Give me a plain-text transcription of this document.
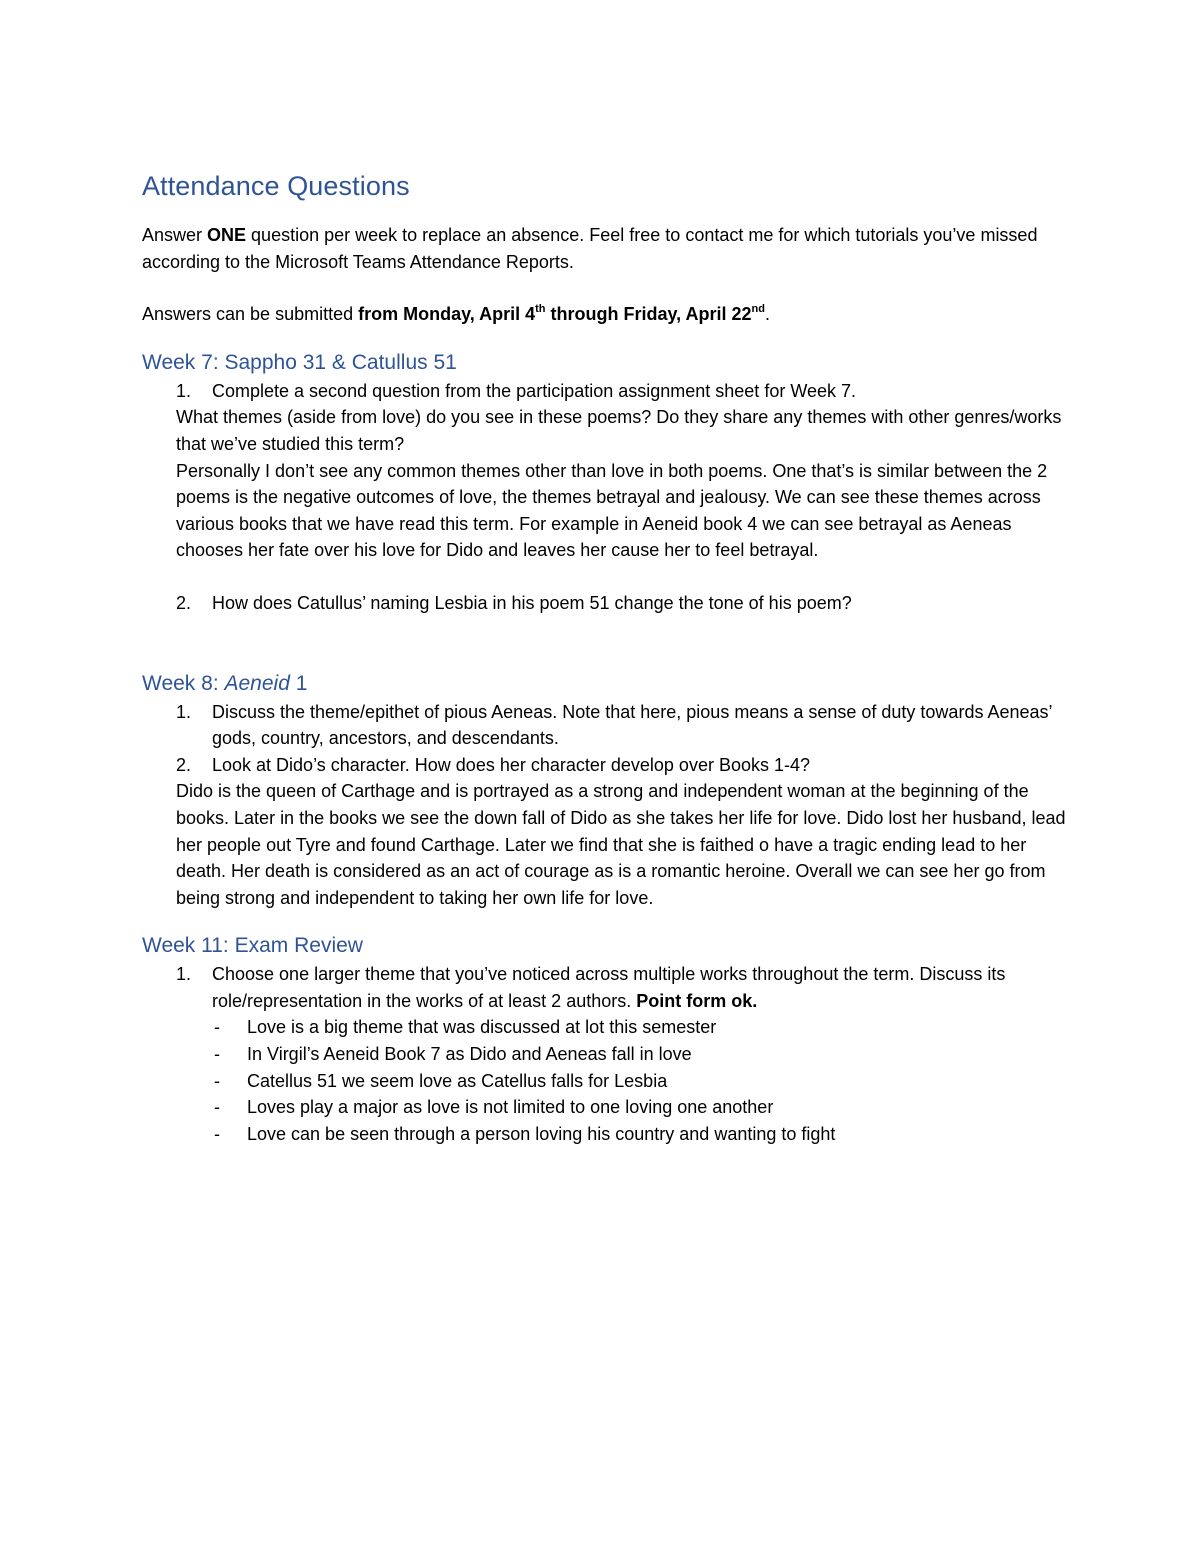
Attendance Questions

Answer ONE question per week to replace an absence. Feel free to contact me for which tutorials you’ve missed according to the Microsoft Teams Attendance Reports.

Answers can be submitted from Monday, April 4th through Friday, April 22nd.

Week 7: Sappho 31 & Catullus 51
1. Complete a second question from the participation assignment sheet for Week 7.

What themes (aside from love) do you see in these poems? Do they share any themes with other genres/works that we’ve studied this term?

Personally I don’t see any common themes other than love in both poems. One that’s is similar between the 2 poems is the negative outcomes of love, the themes betrayal and jealousy. We can see these themes across various books that we have read this term. For example in Aeneid book 4 we can see betrayal as Aeneas chooses her fate over his love for Dido and leaves her cause her to feel betrayal.

2. How does Catullus’ naming Lesbia in his poem 51 change the tone of his poem?
Week 8: Aeneid 1
1. Discuss the theme/epithet of pious Aeneas. Note that here, pious means a sense of duty towards Aeneas’ gods, country, ancestors, and descendants.
2. Look at Dido’s character. How does her character develop over Books 1-4?

Dido is the queen of Carthage and is portrayed as a strong and independent woman at the beginning of the books. Later in the books we see the down fall of Dido as she takes her life for love. Dido lost her husband, lead her people out Tyre and found Carthage. Later we find that she is faithed o have a tragic ending lead to her death. Her death is considered as an act of courage as is a romantic heroine. Overall we can see her go from being strong and independent to taking her own life for love.

Week 11: Exam Review
1. Choose one larger theme that you’ve noticed across multiple works throughout the term. Discuss its role/representation in the works of at least 2 authors. Point form ok.
- Love is a big theme that was discussed at lot this semester
- In Virgil’s Aeneid Book 7 as Dido and Aeneas fall in love
- Catellus 51 we seem love as Catellus falls for Lesbia
- Loves play a major as love is not limited to one loving one another
- Love can be seen through a person loving his country and wanting to fight
